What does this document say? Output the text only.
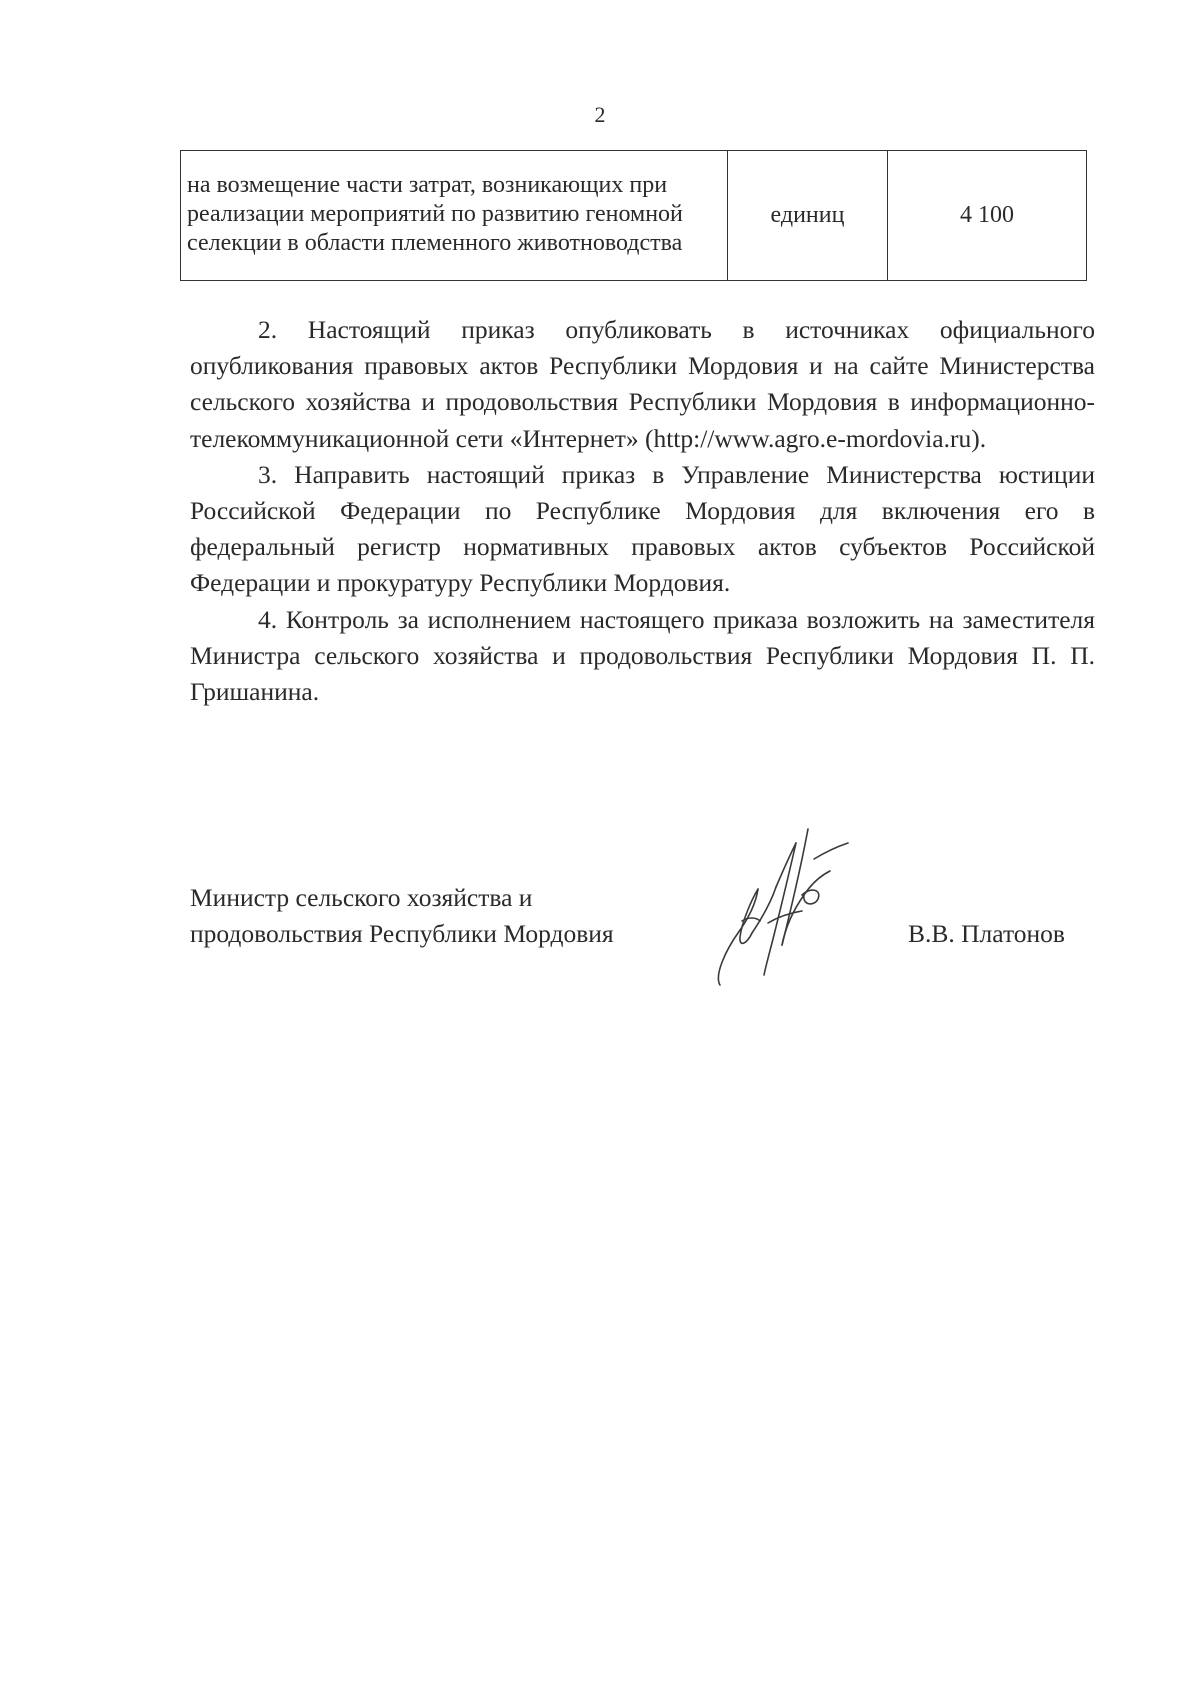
2
на возмещение части затрат, возникающих при реализации мероприятий по развитию геномной селекции в области племенного животноводства	единиц	4 100

2. Настоящий приказ опубликовать в источниках официального опубликования правовых актов Республики Мордовия и на сайте Министерства сельского хозяйства и продовольствия Республики Мордовия в информационно-телекоммуникационной сети «Интернет» (http://www.agro.e-mordovia.ru).

3. Направить настоящий приказ в Управление Министерства юстиции Российской Федерации по Республике Мордовия для включения его в федеральный регистр нормативных правовых актов субъектов Российской Федерации и прокуратуру Республики Мордовия.

4. Контроль за исполнением настоящего приказа возложить на заместителя Министра сельского хозяйства и продовольствия Республики Мордовия П. П. Гришанина.

Министр сельского хозяйства и
продовольствия Республики Мордовия	В.В. Платонов
